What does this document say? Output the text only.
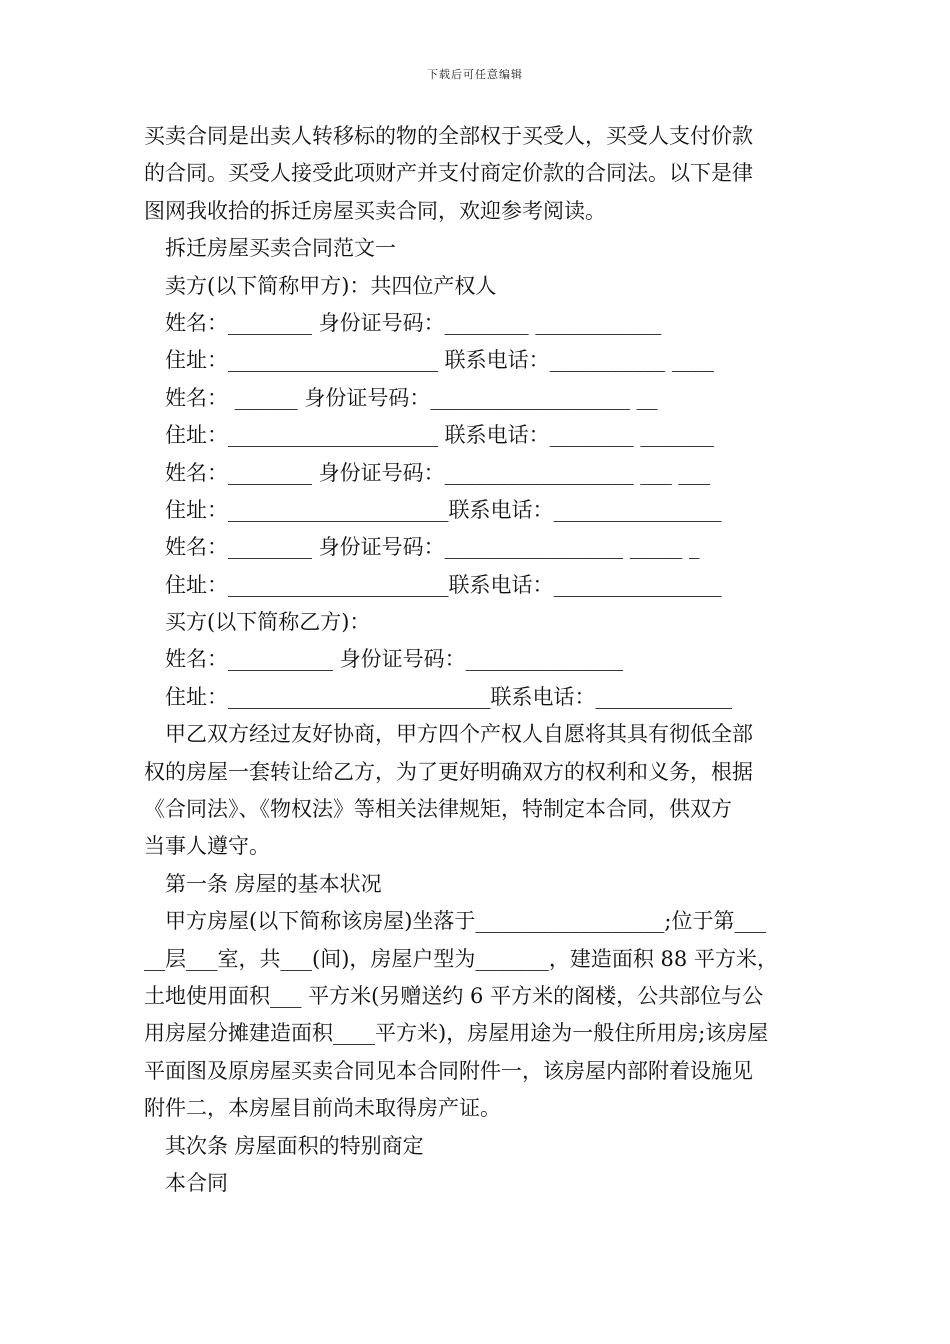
下载后可任意编辑
买卖合同是出卖人转移标的物的全部权于买受人，买受人支付价款
的合同。买受人接受此项财产并支付商定价款的合同法。以下是律
图网我收拾的拆迁房屋买卖合同，欢迎参考阅读。
拆迁房屋买卖合同范文一
卖方(以下简称甲方)：共四位产权人
姓名：________ 身份证号码：________ ____________
住址：____________________ 联系电话：___________ ____
姓名： ______ 身份证号码：___________________ __
住址：____________________ 联系电话：________ _______
姓名：________ 身份证号码：__________________ ___ ___
住址：_____________________联系电话：________________
姓名：________ 身份证号码：_________________ _____ _
住址：_____________________联系电话：________________
买方(以下简称乙方)：
姓名：__________ 身份证号码：_______________
住址：_________________________联系电话：_____________
甲乙双方经过友好协商，甲方四个产权人自愿将其具有彻低全部
权的房屋一套转让给乙方，为了更好明确双方的权利和义务，根据
《合同法》、《物权法》等相关法律规矩，特制定本合同，供双方
当事人遵守。
第一条 房屋的基本状况
甲方房屋(以下简称该房屋)坐落于__________________;位于第___
__层___室，共___(间)，房屋户型为_______，建造面积 88 平方米，
土地使用面积___ 平方米(另赠送约 6 平方米的阁楼，公共部位与公
用房屋分摊建造面积____平方米)，房屋用途为一般住所用房;该房屋
平面图及原房屋买卖合同见本合同附件一，该房屋内部附着设施见
附件二，本房屋目前尚未取得房产证。
其次条 房屋面积的特别商定
本合同
